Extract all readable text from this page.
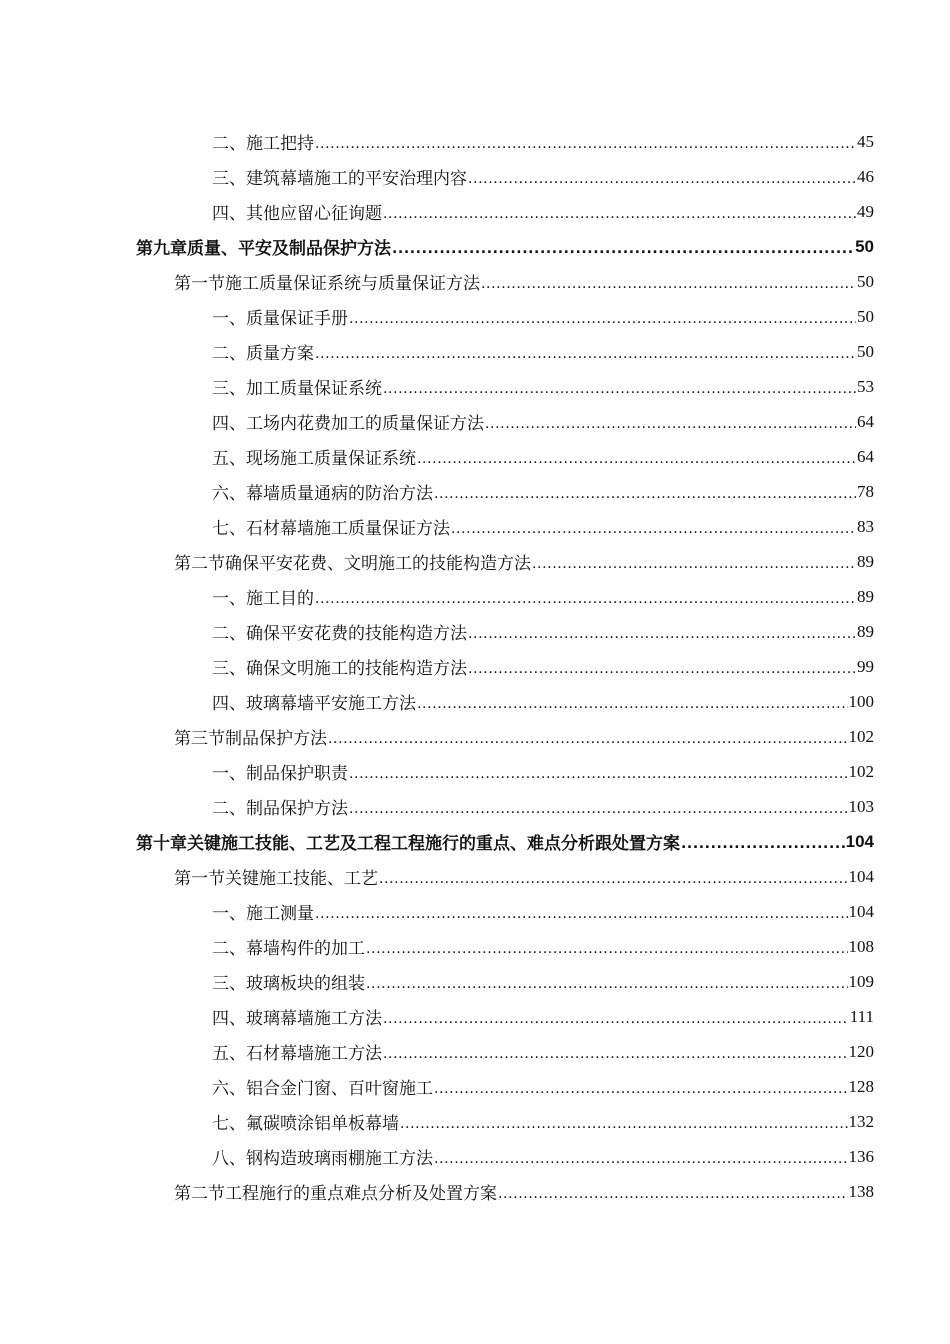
二、施工把持 .....	45
三、建筑幕墙施工的平安治理内容 .....	46
四、其他应留心征询题 .....	49
第九章质量、平安及制品保护方法 .....	50
第一节施工质量保证系统与质量保证方法 .....	50
一、质量保证手册 .....	50
二、质量方案 .....	50
三、加工质量保证系统 .....	53
四、工场内花费加工的质量保证方法 .....	64
五、现场施工质量保证系统 .....	64
六、幕墙质量通病的防治方法 .....	78
七、石材幕墙施工质量保证方法 .....	83
第二节确保平安花费、文明施工的技能构造方法 .....	89
一、施工目的 .....	89
二、确保平安花费的技能构造方法 .....	89
三、确保文明施工的技能构造方法 .....	99
四、玻璃幕墙平安施工方法 .....	100
第三节制品保护方法 .....	102
一、制品保护职责 .....	102
二、制品保护方法 .....	103
第十章关键施工技能、工艺及工程工程施行的重点、难点分析跟处置方案 .....	104
第一节关键施工技能、工艺 .....	104
一、施工测量 .....	104
二、幕墙构件的加工 .....	108
三、玻璃板块的组装 .....	109
四、玻璃幕墙施工方法 .....	111
五、石材幕墙施工方法 .....	120
六、铝合金门窗、百叶窗施工 .....	128
七、氟碳喷涂铝单板幕墙 .....	132
八、钢构造玻璃雨棚施工方法 .....	136
第二节工程施行的重点难点分析及处置方案 .....	138
